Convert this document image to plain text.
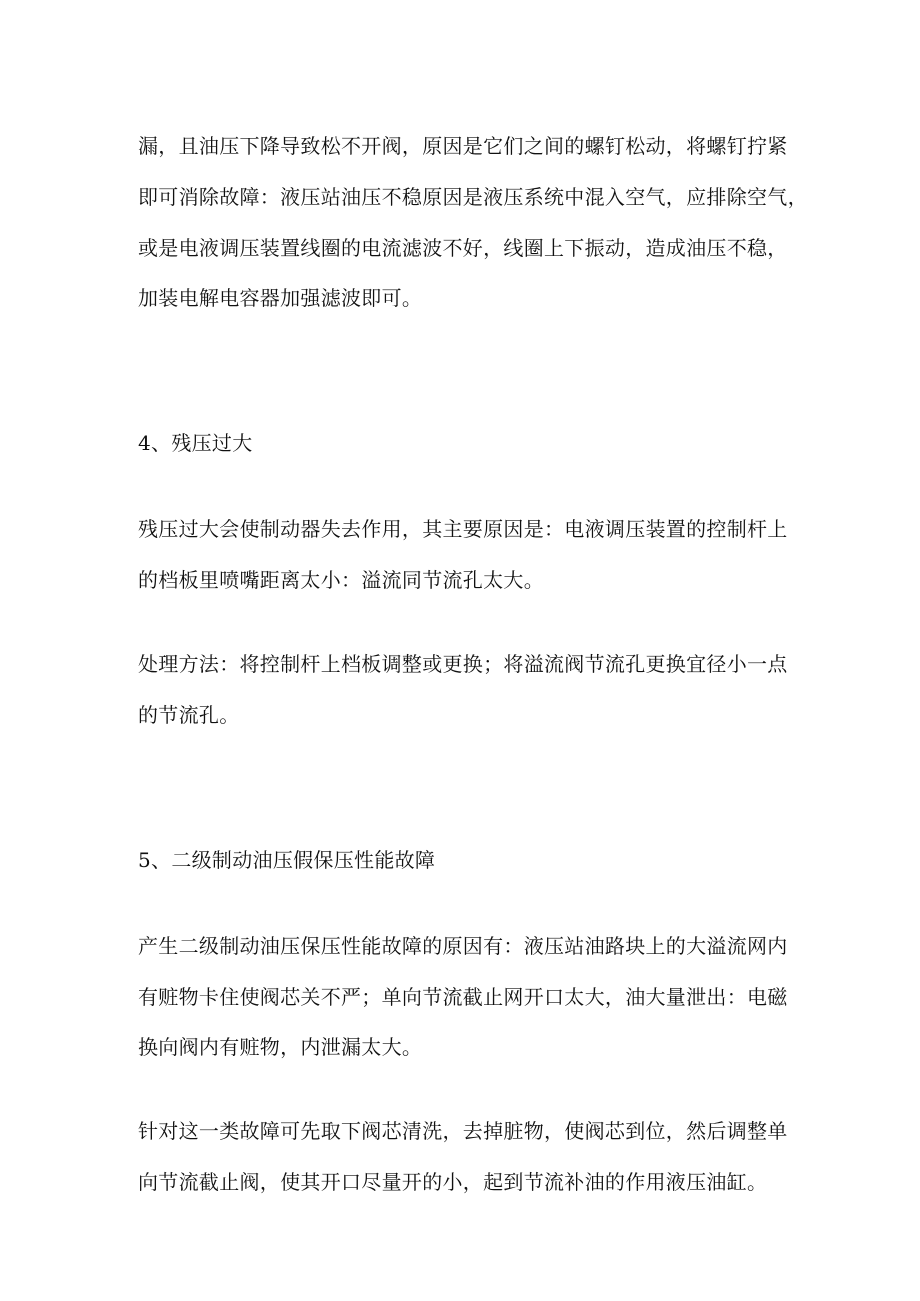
漏，且油压下降导致松不开阀，原因是它们之间的螺钉松动，将螺钉拧紧
即可消除故障：液压站油压不稳原因是液压系统中混入空气，应排除空气，
或是电液调压装置线圈的电流滤波不好，线圈上下振动，造成油压不稳，
加装电解电容器加强滤波即可。
4、残压过大
残压过大会使制动器失去作用，其主要原因是：电液调压装置的控制杆上
的档板里喷嘴距离太小：溢流同节流孔太大。
处理方法：将控制杆上档板调整或更换；将溢流阀节流孔更换宜径小一点
的节流孔。
5、二级制动油压假保压性能故障
产生二级制动油压保压性能故障的原因有：液压站油路块上的大溢流网内
有赃物卡住使阀芯关不严；单向节流截止网开口太大，油大量泄出：电磁
换向阀内有赃物，内泄漏太大。
针对这一类故障可先取下阀芯清洗，去掉脏物，使阀芯到位，然后调整单
向节流截止阀，使其开口尽量开的小，起到节流补油的作用液压油缸。
